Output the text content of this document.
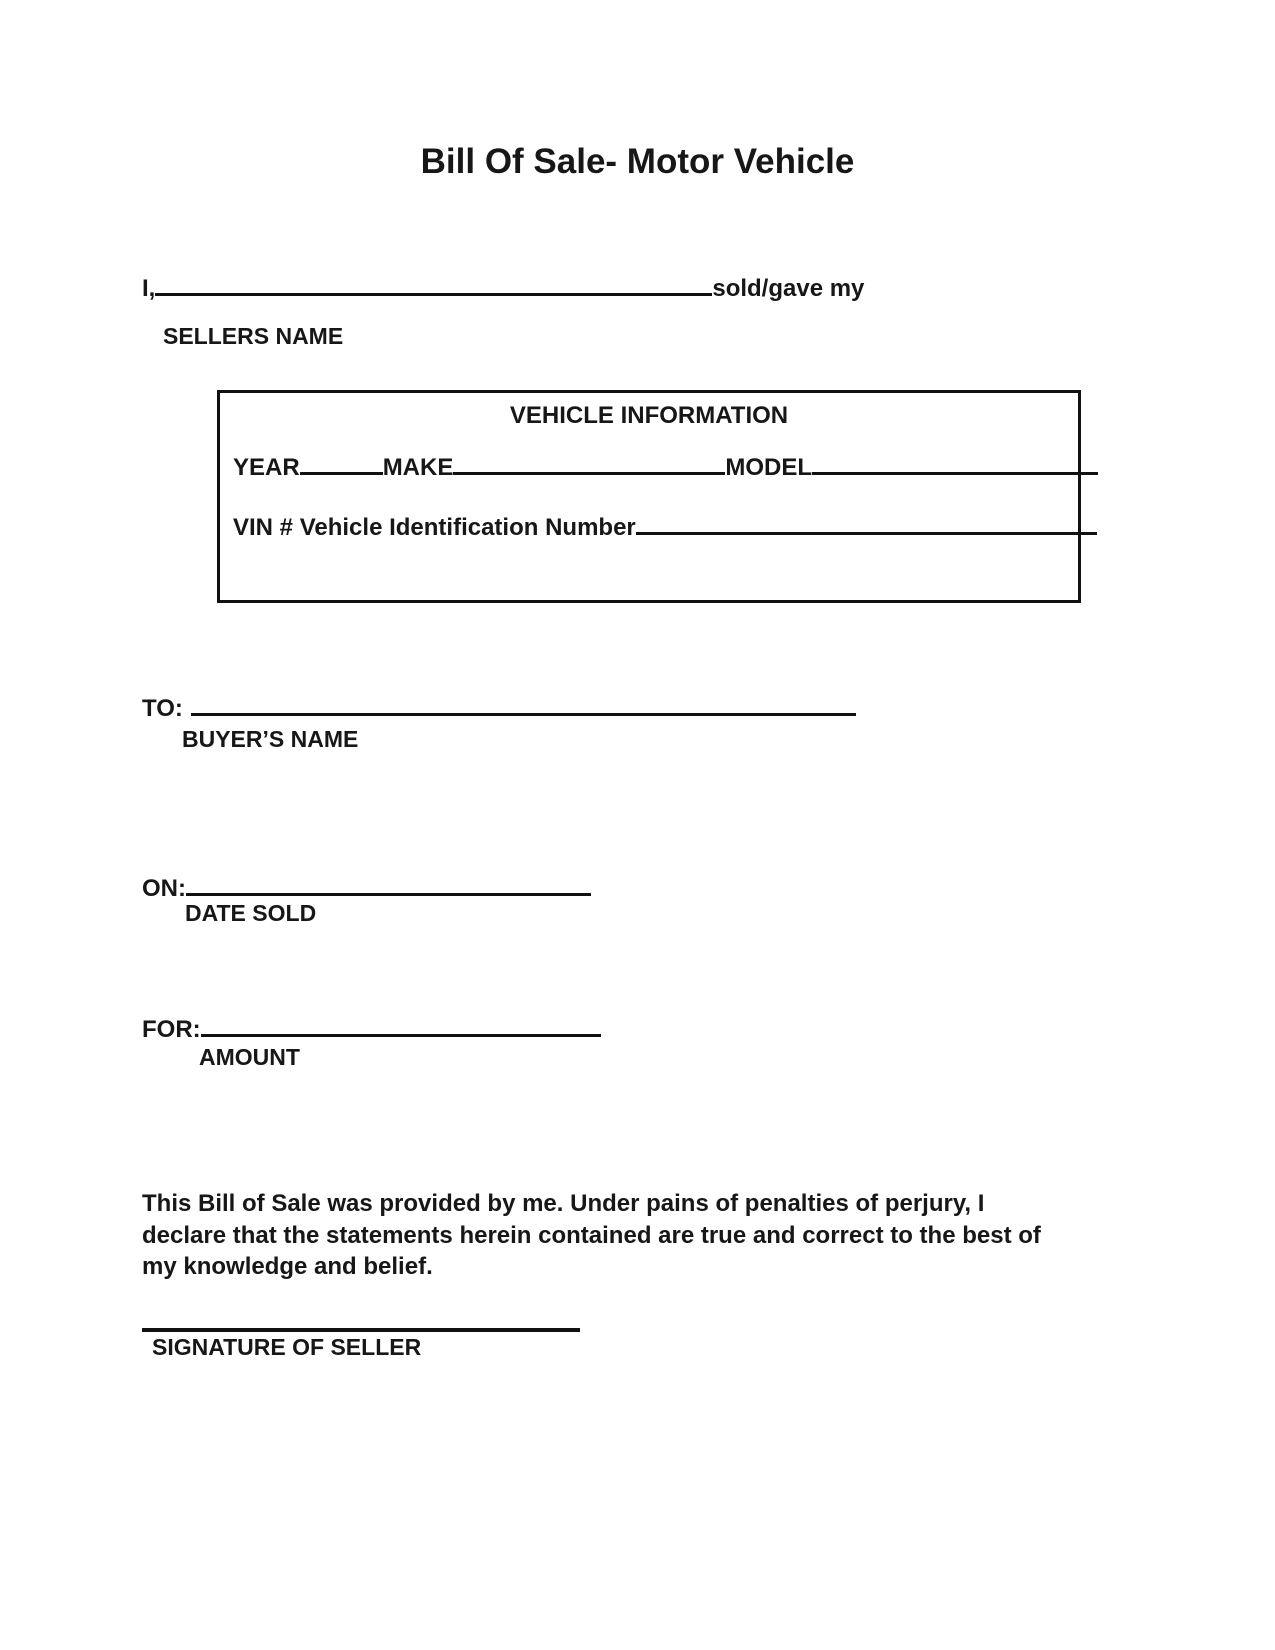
Bill Of Sale- Motor Vehicle
I,	sold/gave my
SELLERS NAME
VEHICLE INFORMATION
YEAR	MAKE	MODEL
VIN # Vehicle Identification Number
TO:
BUYER’S NAME
ON:
DATE SOLD
FOR:
AMOUNT
This Bill of Sale was provided by me. Under pains of penalties of perjury, I declare that the statements herein contained are true and correct to the best of my knowledge and belief.
SIGNATURE OF SELLER
